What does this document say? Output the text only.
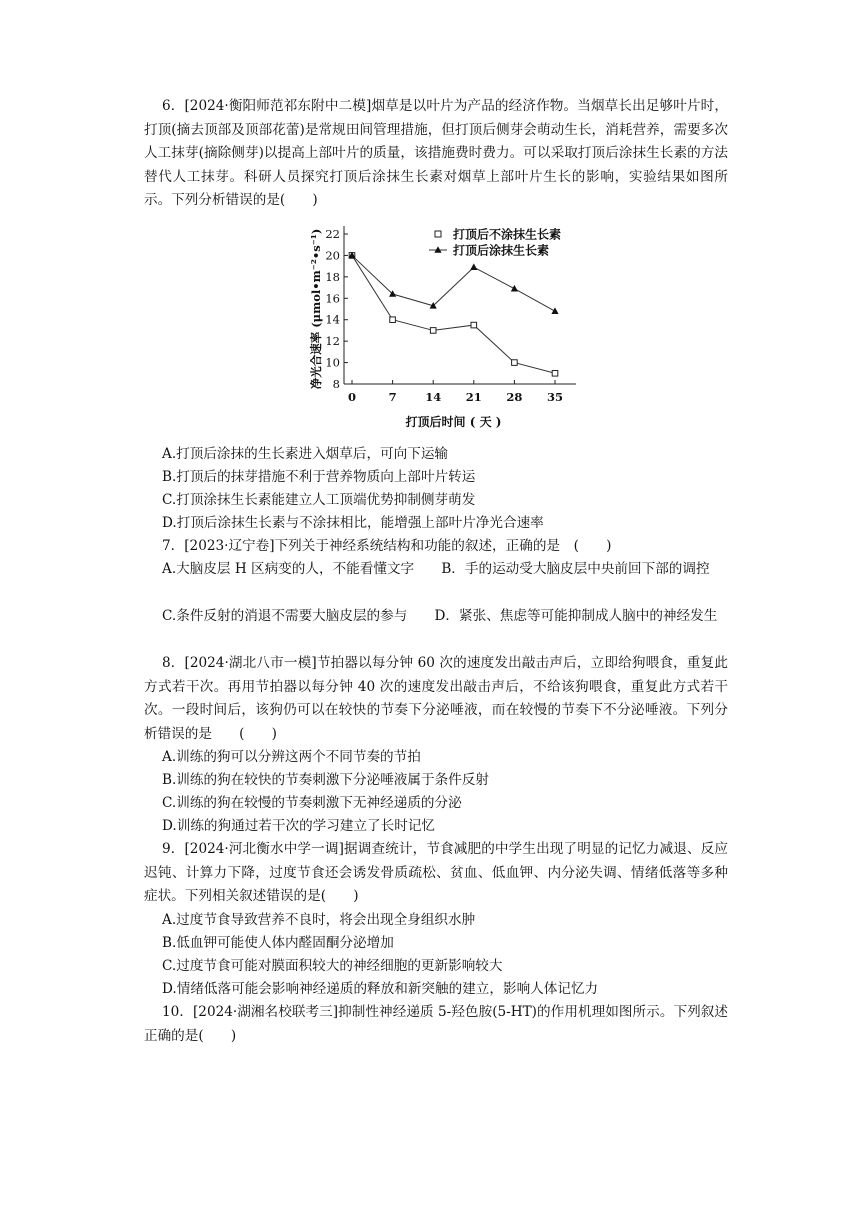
6．[2024·衡阳师范祁东附中二模]烟草是以叶片为产品的经济作物。当烟草长出足够叶片时，打顶(摘去顶部及顶部花蕾)是常规田间管理措施，但打顶后侧芽会萌动生长，消耗营养，需要多次人工抹芽(摘除侧芽)以提高上部叶片的质量，该措施费时费力。可以采取打顶后涂抹生长素的方法替代人工抹芽。科研人员探究打顶后涂抹生长素对烟草上部叶片生长的影响，实验结果如图所示。下列分析错误的是(　　)

8
10
12
14
16
18
20
22
0	7 14 21 28 35
打顶后时间 ( 天 )
净光合速率 (μmol•m⁻²•s⁻¹)	打顶后不涂抹生长素
打顶后涂抹生长素

A.打顶后涂抹的生长素进入烟草后，可向下运输

B.打顶后的抹芽措施不利于营养物质向上部叶片转运

C.打顶涂抹生长素能建立人工顶端优势抑制侧芽萌发

D.打顶后涂抹生长素与不涂抹相比，能增强上部叶片净光合速率

7．[2023·辽宁卷]下列关于神经系统结构和功能的叙述，正确的是　(　　)

A.大脑皮层 H 区病变的人，不能看懂文字　　B．手的运动受大脑皮层中央前回下部的调控

C.条件反射的消退不需要大脑皮层的参与　　D．紧张、焦虑等可能抑制成人脑中的神经发生

8．[2024·湖北八市一模]节拍器以每分钟 60 次的速度发出敲击声后，立即给狗喂食，重复此方式若干次。再用节拍器以每分钟 40 次的速度发出敲击声后，不给该狗喂食，重复此方式若干次。一段时间后，该狗仍可以在较快的节奏下分泌唾液，而在较慢的节奏下不分泌唾液。下列分析错误的是　　(　　)

A.训练的狗可以分辨这两个不同节奏的节拍

B.训练的狗在较快的节奏刺激下分泌唾液属于条件反射

C.训练的狗在较慢的节奏刺激下无神经递质的分泌

D.训练的狗通过若干次的学习建立了长时记忆

9．[2024·河北衡水中学一调]据调查统计，节食减肥的中学生出现了明显的记忆力减退、反应迟钝、计算力下降，过度节食还会诱发骨质疏松、贫血、低血钾、内分泌失调、情绪低落等多种症状。下列相关叙述错误的是(　　)

A.过度节食导致营养不良时，将会出现全身组织水肿

B.低血钾可能使人体内醛固酮分泌增加

C.过度节食可能对膜面积较大的神经细胞的更新影响较大

D.情绪低落可能会影响神经递质的释放和新突触的建立，影响人体记忆力

10．[2024·湖湘名校联考三]抑制性神经递质 5-羟色胺(5-HT)的作用机理如图所示。下列叙述正确的是(　　)
